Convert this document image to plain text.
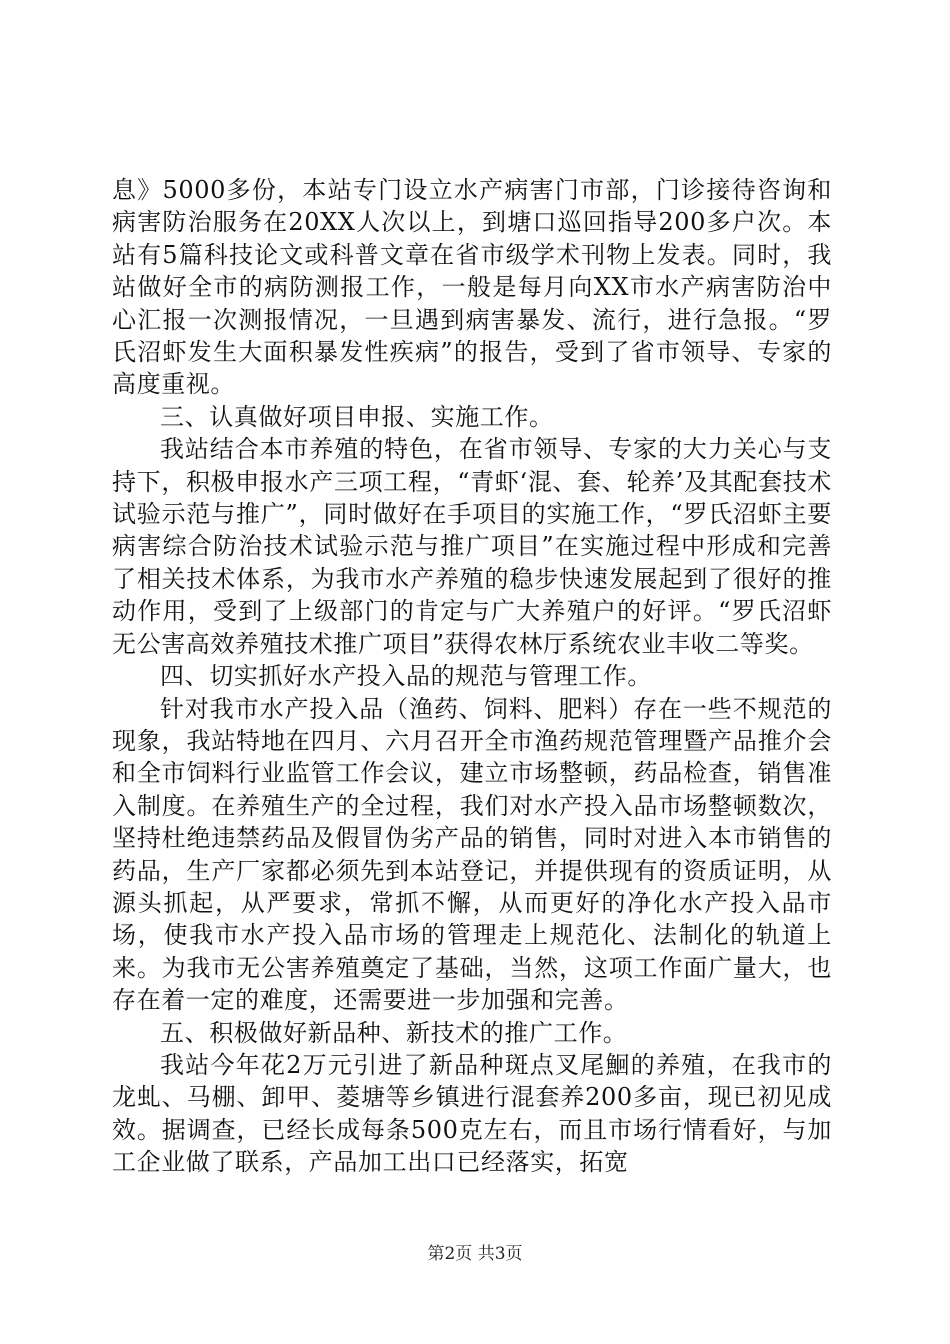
息》5000多份，本站专门设立水产病害门市部，门诊接待咨询和病害防治服务在20XX人次以上，到塘口巡回指导200多户次。本站有5篇科技论文或科普文章在省市级学术刊物上发表。同时，我站做好全市的病防测报工作，一般是每月向XX市水产病害防治中心汇报一次测报情况，一旦遇到病害暴发、流行，进行急报。“罗氏沼虾发生大面积暴发性疾病”的报告，受到了省市领导、专家的高度重视。

三、认真做好项目申报、实施工作。

我站结合本市养殖的特色，在省市领导、专家的大力关心与支持下，积极申报水产三项工程，“青虾‘混、套、轮养’及其配套技术试验示范与推广”，同时做好在手项目的实施工作，“罗氏沼虾主要病害综合防治技术试验示范与推广项目”在实施过程中形成和完善了相关技术体系，为我市水产养殖的稳步快速发展起到了很好的推动作用，受到了上级部门的肯定与广大养殖户的好评。“罗氏沼虾无公害高效养殖技术推广项目”获得农林厅系统农业丰收二等奖。

四、切实抓好水产投入品的规范与管理工作。

针对我市水产投入品（渔药、饲料、肥料）存在一些不规范的现象，我站特地在四月、六月召开全市渔药规范管理暨产品推介会和全市饲料行业监管工作会议，建立市场整顿，药品检查，销售准入制度。在养殖生产的全过程，我们对水产投入品市场整顿数次，坚持杜绝违禁药品及假冒伪劣产品的销售，同时对进入本市销售的药品，生产厂家都必须先到本站登记，并提供现有的资质证明，从源头抓起，从严要求，常抓不懈，从而更好的净化水产投入品市场，使我市水产投入品市场的管理走上规范化、法制化的轨道上来。为我市无公害养殖奠定了基础，当然，这项工作面广量大，也存在着一定的难度，还需要进一步加强和完善。

五、积极做好新品种、新技术的推广工作。

我站今年花2万元引进了新品种斑点叉尾鮰的养殖，在我市的龙虬、马棚、卸甲、菱塘等乡镇进行混套养200多亩，现已初见成效。据调查，已经长成每条500克左右，而且市场行情看好，与加工企业做了联系，产品加工出口已经落实，拓宽

第2页 共3页
